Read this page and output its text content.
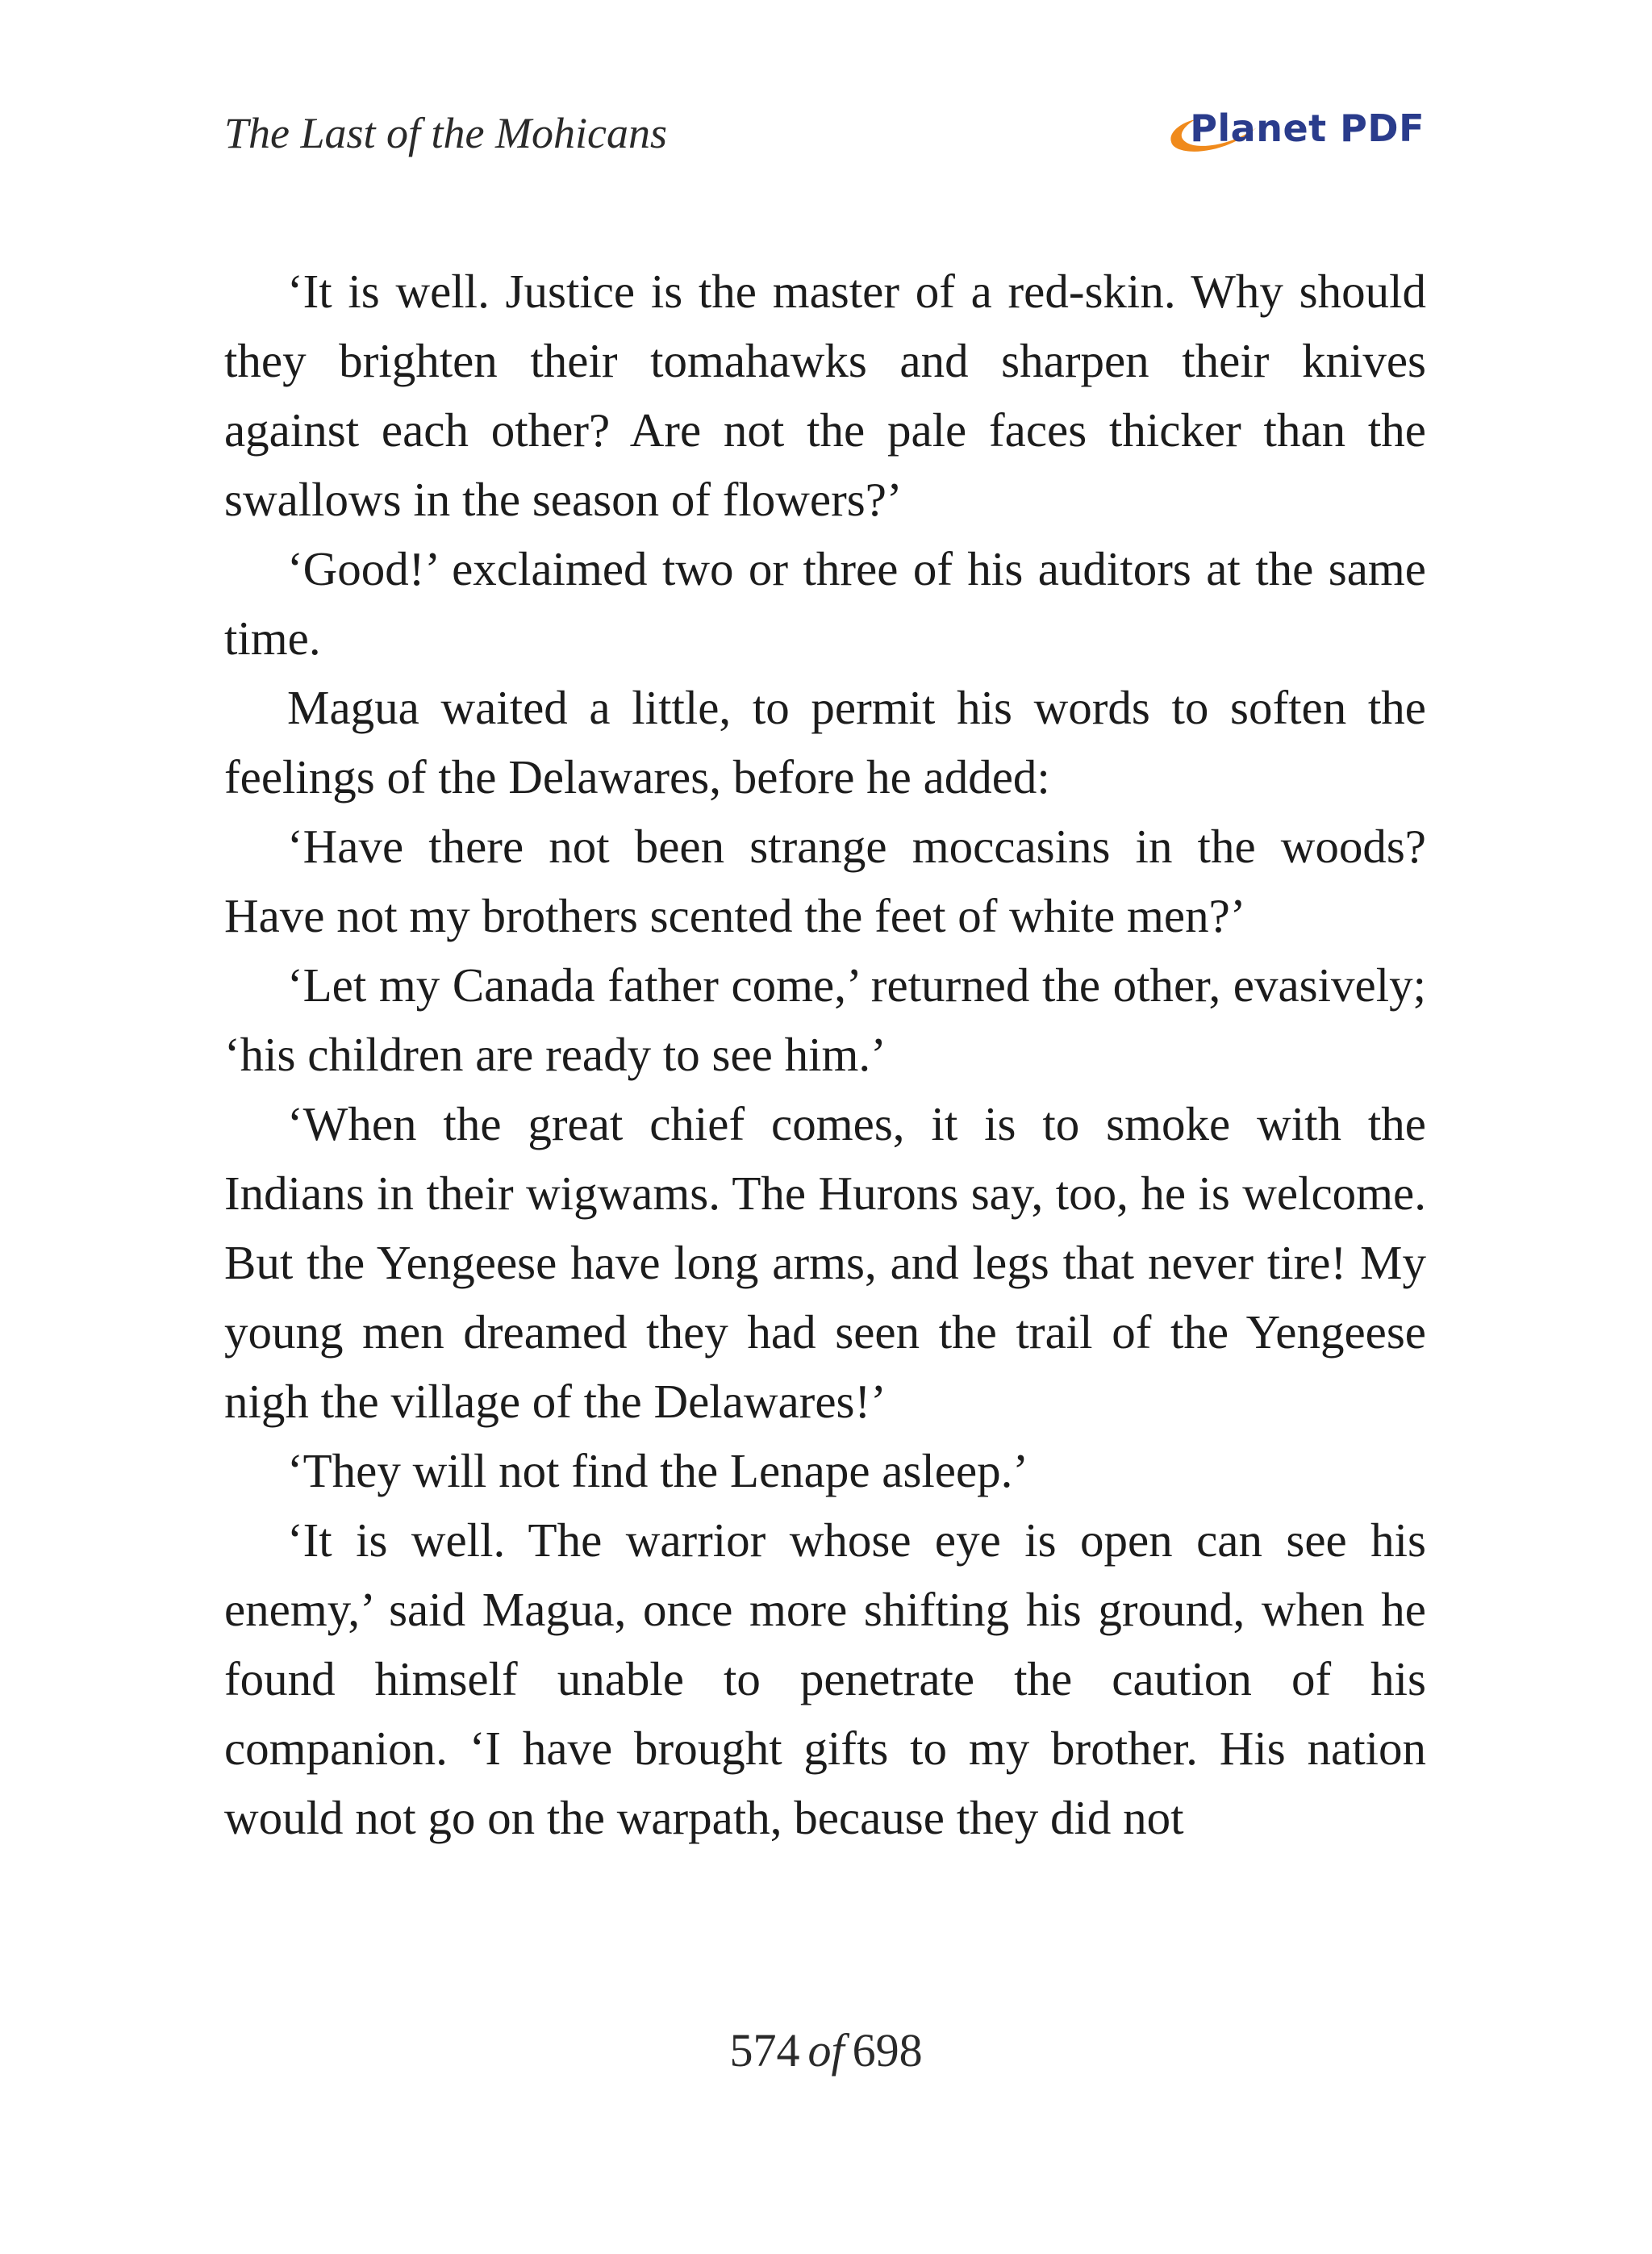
The Last of the Mohicans	Planet PDF

‘It is well. Justice is the master of a red-skin. Why should they brighten their tomahawks and sharpen their knives against each other? Are not the pale faces thicker than the swallows in the season of flowers?’

‘Good!’ exclaimed two or three of his auditors at the same time.

Magua waited a little, to permit his words to soften the feelings of the Delawares, before he added:

‘Have there not been strange moccasins in the woods? Have not my brothers scented the feet of white men?’

‘Let my Canada father come,’ returned the other, evasively; ‘his children are ready to see him.’

‘When the great chief comes, it is to smoke with the Indians in their wigwams. The Hurons say, too, he is welcome. But the Yengeese have long arms, and legs that never tire! My young men dreamed they had seen the trail of the Yengeese nigh the village of the Delawares!’

‘They will not find the Lenape asleep.’

‘It is well. The warrior whose eye is open can see his enemy,’ said Magua, once more shifting his ground, when he found himself unable to penetrate the caution of his companion. ‘I have brought gifts to my brother. His nation would not go on the warpath, because they did not

574 of 698
